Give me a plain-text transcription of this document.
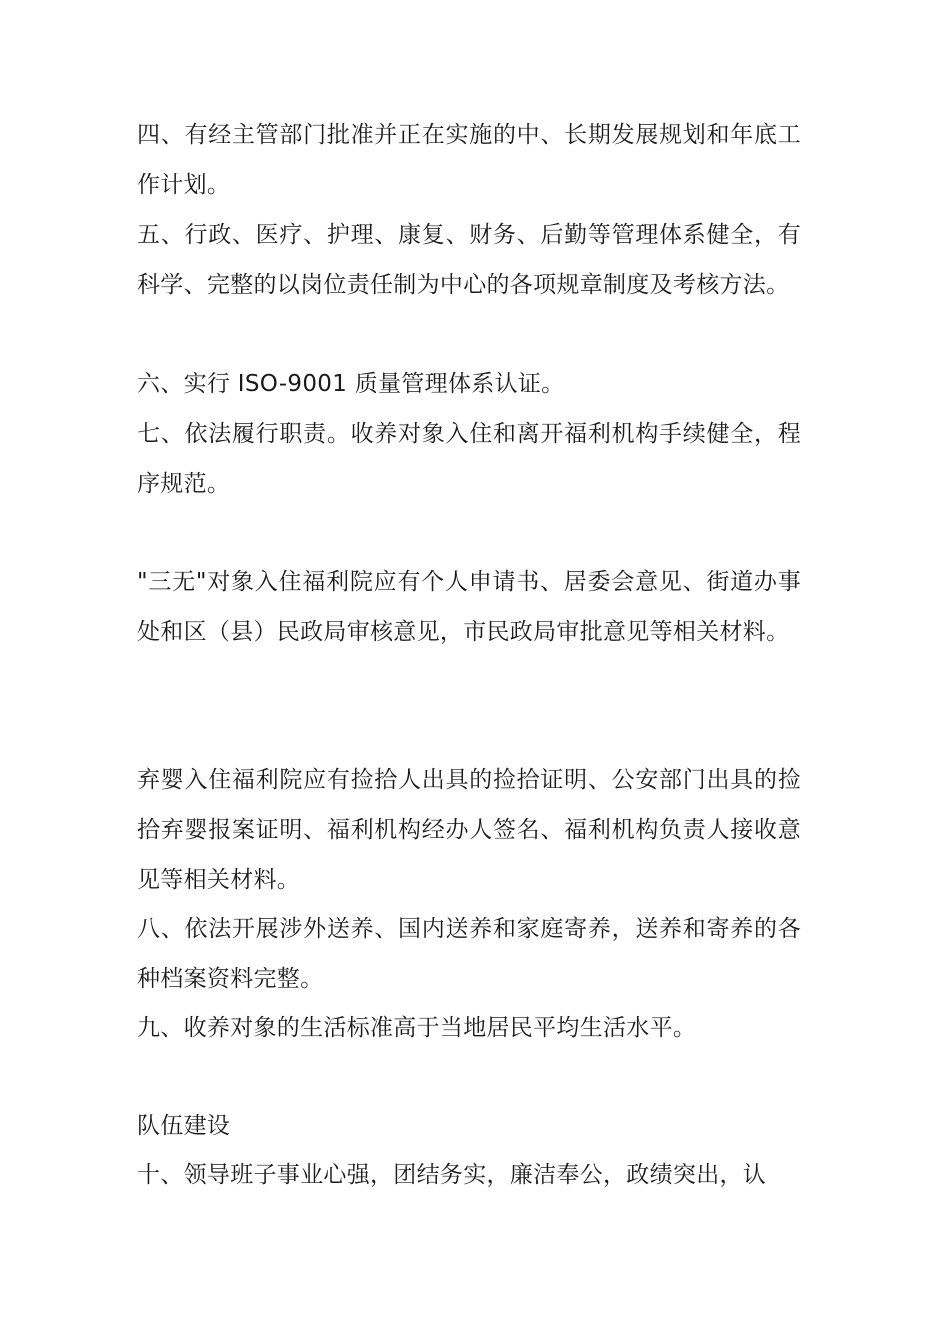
四、有经主管部门批准并正在实施的中、长期发展规划和年底工作计划。
五、行政、医疗、护理、康复、财务、后勤等管理体系健全，有科学、完整的以岗位责任制为中心的各项规章制度及考核方法。
六、实行 ISO-9001 质量管理体系认证。
七、依法履行职责。收养对象入住和离开福利机构手续健全，程序规范。
"三无"对象入住福利院应有个人申请书、居委会意见、街道办事处和区（县）民政局审核意见，市民政局审批意见等相关材料。
弃婴入住福利院应有捡拾人出具的捡拾证明、公安部门出具的捡拾弃婴报案证明、福利机构经办人签名、福利机构负责人接收意见等相关材料。
八、依法开展涉外送养、国内送养和家庭寄养，送养和寄养的各种档案资料完整。
九、收养对象的生活标准高于当地居民平均生活水平。
队伍建设
十、领导班子事业心强，团结务实，廉洁奉公，政绩突出，认
